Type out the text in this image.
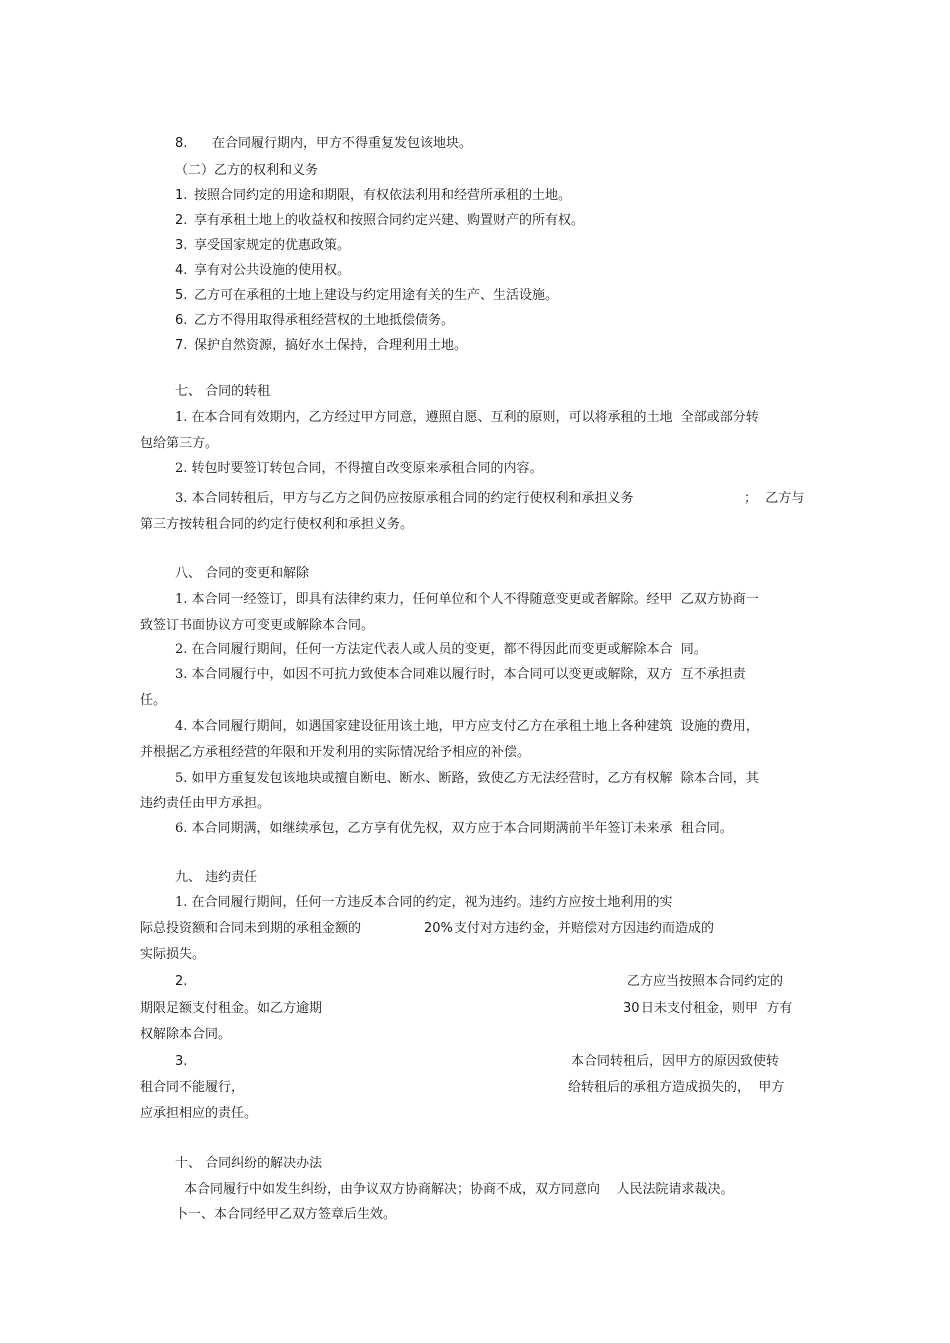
8. 在合同履行期内，甲方不得重复发包该地块。
（二）乙方的权利和义务
1. 按照合同约定的用途和期限，有权依法利用和经营所承租的土地。
2. 享有承租土地上的收益权和按照合同约定兴建、购置财产的所有权。
3. 享受国家规定的优惠政策。
4. 享有对公共设施的使用权。
5. 乙方可在承租的土地上建设与约定用途有关的生产、生活设施。
6. 乙方不得用取得承租经营权的土地抵偿债务。
7. 保护自然资源，搞好水土保持，合理利用土地。
七、 合同的转租
1. 在本合同有效期内，乙方经过甲方同意，遵照自愿、互利的原则，可以将承租的土地  全部或部分转
包给第三方。
2. 转包时要签订转包合同，不得擅自改变原来承租合同的内容。
3. 本合同转租后，甲方与乙方之间仍应按原承租合同的约定行使权利和承担义务	；  乙方与
第三方按转租合同的约定行使权利和承担义务。
八、 合同的变更和解除
1. 本合同一经签订，即具有法律约束力，任何单位和个人不得随意变更或者解除。经甲  乙双方协商一
致签订书面协议方可变更或解除本合同。
2. 在合同履行期间，任何一方法定代表人或人员的变更，都不得因此而变更或解除本合  同。
3. 本合同履行中，如因不可抗力致使本合同难以履行时，本合同可以变更或解除，双方  互不承担责
任。
4. 本合同履行期间，如遇国家建设征用该土地，甲方应支付乙方在承租土地上各种建筑  设施的费用，
并根据乙方承租经营的年限和开发利用的实际情况给予相应的补偿。
5. 如甲方重复发包该地块或擅自断电、断水、断路，致使乙方无法经营时，乙方有权解  除本合同，其
违约责任由甲方承担。
6. 本合同期满，如继续承包，乙方享有优先权，双方应于本合同期满前半年签订未来承  租合同。
九、 违约责任
1. 在合同履行期间，任何一方违反本合同的约定，视为违约。违约方应按土地利用的实
际总投资额和合同未到期的承租金额的	20% 支付对方违约金，并赔偿对方因违约而造成的
实际损失。
2.	乙方应当按照本合同约定的
期限足额支付租金。如乙方逾期	30 日未支付租金，则甲  方有
权解除本合同。
3.	本合同转租后，因甲方的原因致使转
租合同不能履行，	给转租后的承租方造成损失的，  甲方
应承担相应的责任。
十、 合同纠纷的解决办法
本合同履行中如发生纠纷，由争议双方协商解决；协商不成，双方同意向    人民法院请求裁决。
卜一、本合同经甲乙双方签章后生效。
